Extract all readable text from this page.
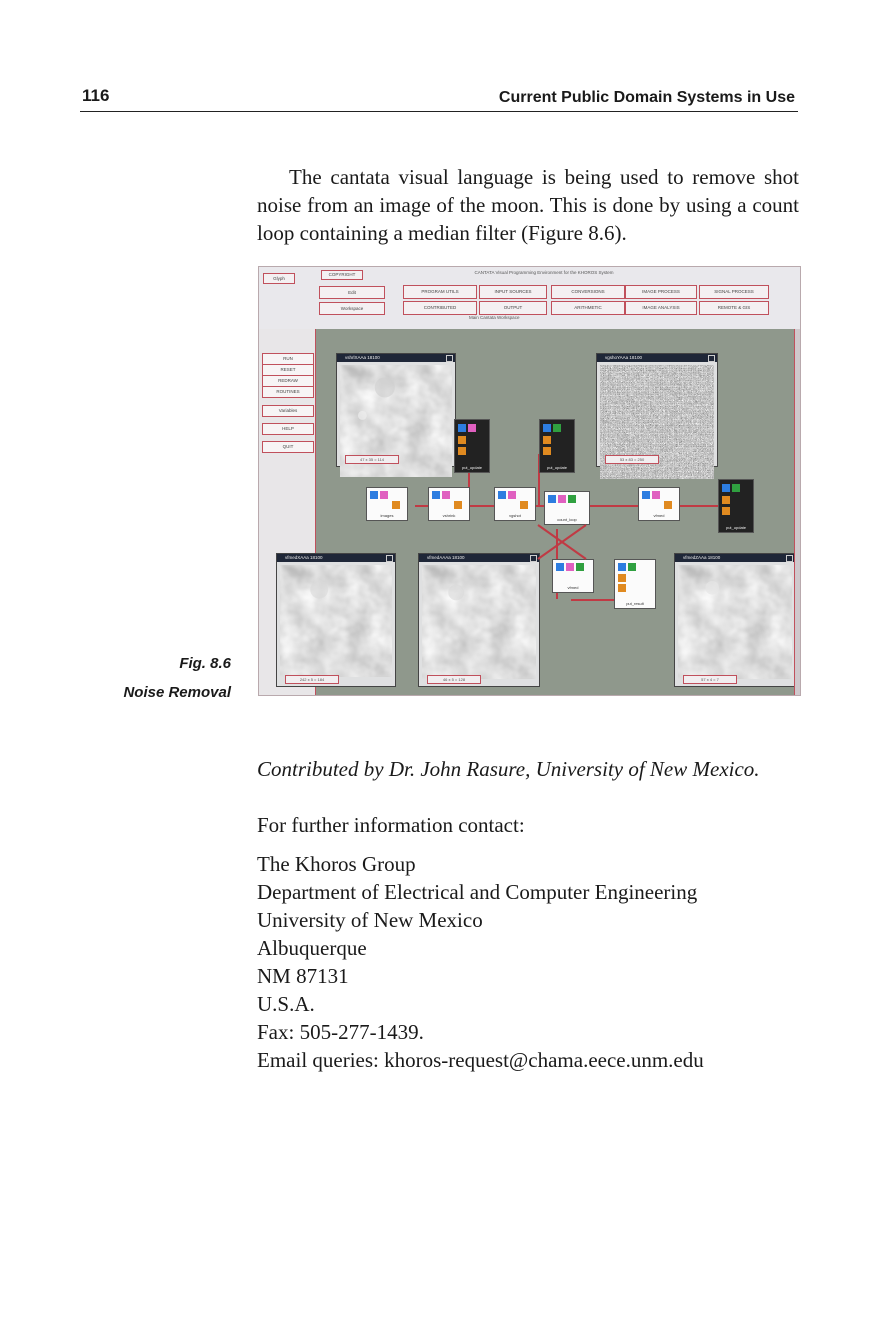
116	Current Public Domain Systems in Use

The cantata visual language is being used to remove shot noise from an image of the moon. This is done by using a count loop containing a median filter (Figure 8.6).

Fig. 8.6
Noise Removal
Glyph
COPYRIGHT	CANTATA Visual Programming Environment for the KHOROS System
Edit
Workspace
PROGRAM UTILS	INPUT SOURCES	CONVERSIONS	IMAGE PROCESS	SIGNAL PROCESS
CONTRIBUTED	OUTPUT	ARITHMETIC	IMAGE ANALYSIS	REMOTE & GIS
Main Cantata Workspace
RUN
RESET
REDRAW
ROUTINES
Variables
HELP
QUIT
vshrlXAAa 18100
47 x 35 = 114
vgshoYAAa 18100
53 x 83 = 250
vfmedXAAa 18100
242 x 5 = 184
vfmedAAAa 18100
46 x 5 = 128
vfmedZAAa 18100
57 x 4 = 7
put_update	put_update
put_update
images	vshrink	vgshot
count_loop
vfmed
vfmed
put_result
Contributed by Dr. John Rasure, University of New Mexico.
For further information contact:
The Khoros Group
Department of Electrical and Computer Engineering
University of New Mexico
Albuquerque
NM 87131
U.S.A.
Fax: 505-277-1439.
Email queries: khoros-request@chama.eece.unm.edu
